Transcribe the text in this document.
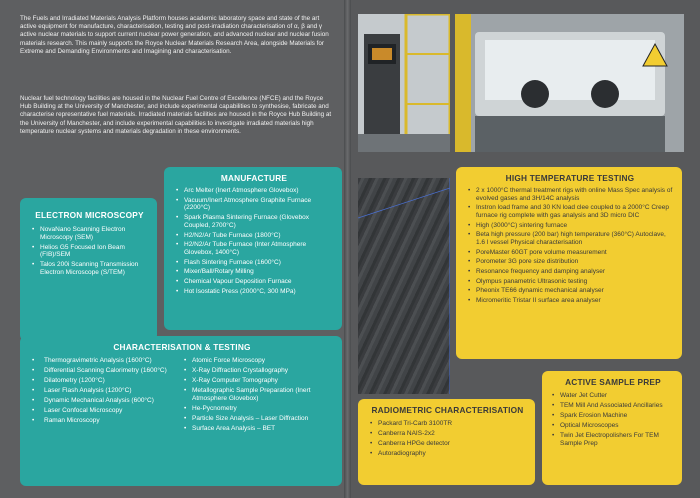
The Fuels and Irradiated Materials Analysis Platform houses academic laboratory space and state of the art active equipment for manufacture, characterisation, testing and post-irradiation characterisation of α, β and γ active nuclear materials to support current nuclear power generation, and advanced nuclear and nuclear fusion materials research. This mainly supports the Royce Nuclear Materials Research Area, alongside Materials for Extreme and Demanding Environments and Imagining and characterisation.

Nuclear fuel technology facilities are housed in the Nuclear Fuel Centre of Excellence (NFCE) and the Royce Hub Building at the University of Manchester, and include experimental capabilities to synthesise, fabricate and characterise representative fuel materials. Irradiated materials facilities are housed in the Royce Hub Building at the University of Manchester, and include experimental capabilities to investigate irradiated materials high temperature nuclear systems and materials degradation in these environments.

ELECTRON MICROSCOPY
• NovaNano Scanning Electron Microscopy (SEM)
• Helios G5 Focused Ion Beam (FIB)/SEM
• Talos 200i Scanning Transmission Electron Microscope (S/TEM)
MANUFACTURE
• Arc Melter (Inert Atmosphere Glovebox)
• Vacuum/Inert Atmosphere Graphite Furnace (2200°C)
• Spark Plasma Sintering Furnace (Glovebox Coupled, 2700°C)
• H2/N2/Ar Tube Furnace (1800°C)
• H2/N2/Ar Tube Furnace (Inter Atmosphere Glovebox, 1400°C)
• Flash Sintering Furnace (1600°C)
• Mixer/Ball/Rotary Milling
• Chemical Vapour Deposition Furnace
• Hot Isostatic Press (2000°C, 300 MPa)
CHARACTERISATION & TESTING
• Thermogravimetric Analysis (1600°C)
• Differential Scanning Calorimetry (1600°C)
• Dilatometry (1200°C)
• Laser Flash Analysis (1200°C)
• Dynamic Mechanical Analysis (600°C)
• Laser Confocal Microscopy
• Raman Microscopy
• Atomic Force Microscopy
• X-Ray Diffraction Crystallography
• X-Ray Computer Tomography
• Metallographic Sample Preparation (Inert Atmosphere Glovebox)
• He-Pycnometry
• Particle Size Analysis – Laser Diffraction
• Surface Area Analysis – BET
HIGH TEMPERATURE TESTING
• 2 x 1000°C thermal treatment rigs with online Mass Spec analysis of evolved gases and 3H/14C analysis
• Instron load frame and 30 KN load clee coupled to a 2000°C Creep furnace rig complete with gas analysis and 3D micro DIC
• High (3000°C) sintering furnace
• Beta high pressure (200 bar) high temperature (360°C) Autoclave, 1.6 l vessel Physical characterisation
• PoreMaster 60GT pore volume measurement
• Porometer 3G pore size distribution
• Resonance frequency and damping analyser
• Olympus panametric Ultrasonic testing
• Pheonix TE66 dynamic mechanical analyser
• Micromeritic Tristar II surface area analyser
RADIOMETRIC CHARACTERISATION
• Packard Tri-Carb 3100TR
• Canberra NAIS-2x2
• Canberra HPGe detector
• Autoradiography
ACTIVE SAMPLE PREP
• Water Jet Cutter
• TEM Mill And Associated Ancillaries
• Spark Erosion Machine
• Optical Microscopes
• Twin Jet Electropolishers For TEM Sample Prep
